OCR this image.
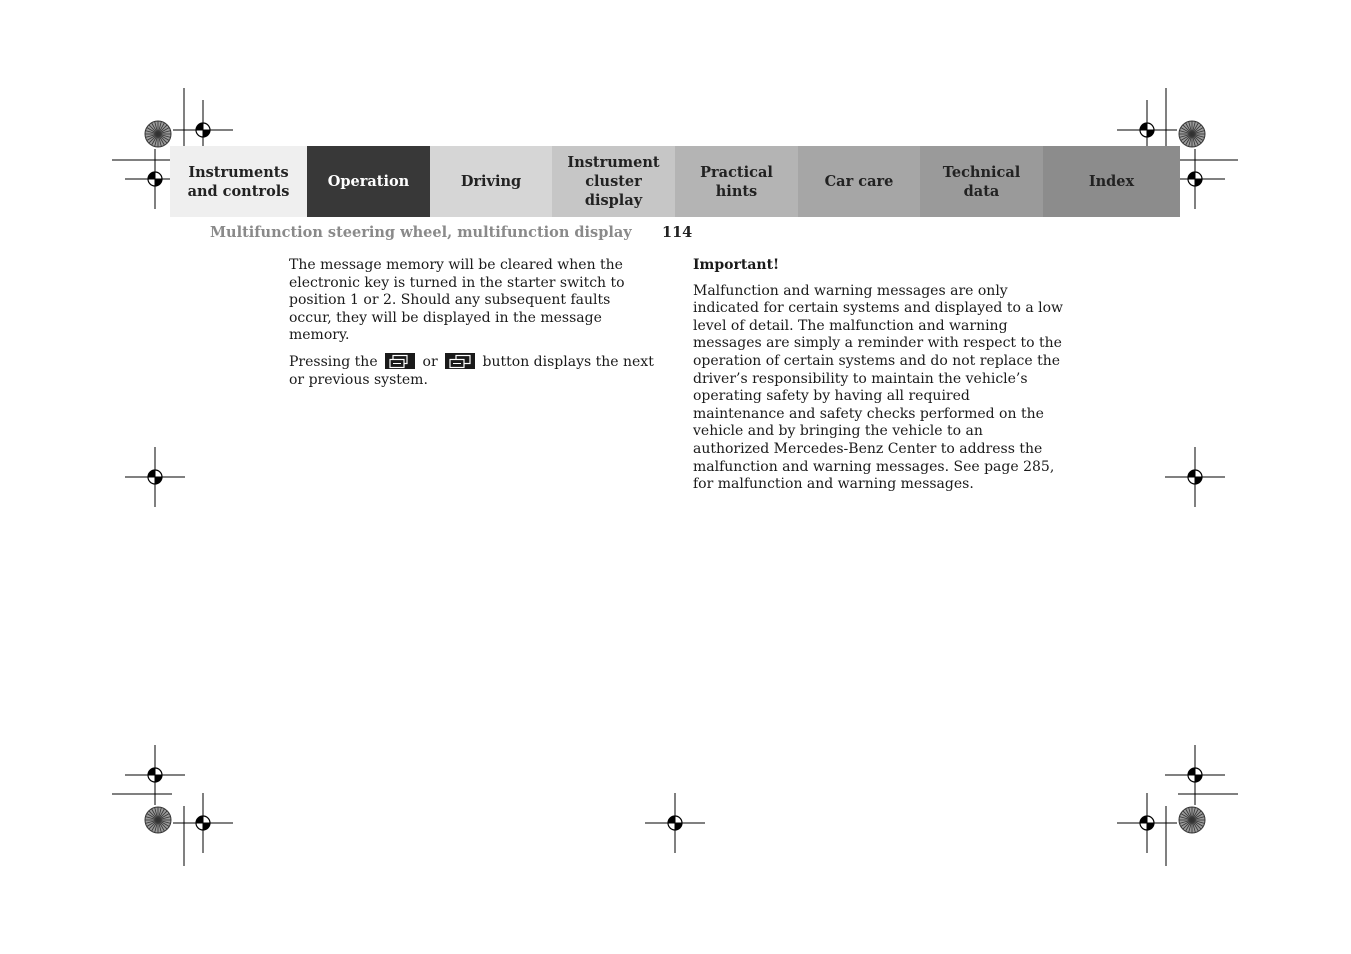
Instruments
and controls
Operation	Driving
Instrument
cluster display
Practical hints
Car care
Technical
data
Index
Multifunction steering wheel, multifunction display 114

The message memory will be cleared when the electronic key is turned in the starter switch to position 1 or 2. Should any subsequent faults occur, they will be displayed in the message memory.

Pressing the	or	button displays the next or previous system.

Important!

Malfunction and warning messages are only indicated for certain systems and displayed to a low level of detail. The malfunction and warning messages are simply a reminder with respect to the operation of certain systems and do not replace the driver’s responsibility to maintain the vehicle’s operating safety by having all required maintenance and safety checks performed on the vehicle and by bringing the vehicle to an authorized Mercedes-Benz Center to address the malfunction and warning messages. See page 285, for malfunction and warning messages.
